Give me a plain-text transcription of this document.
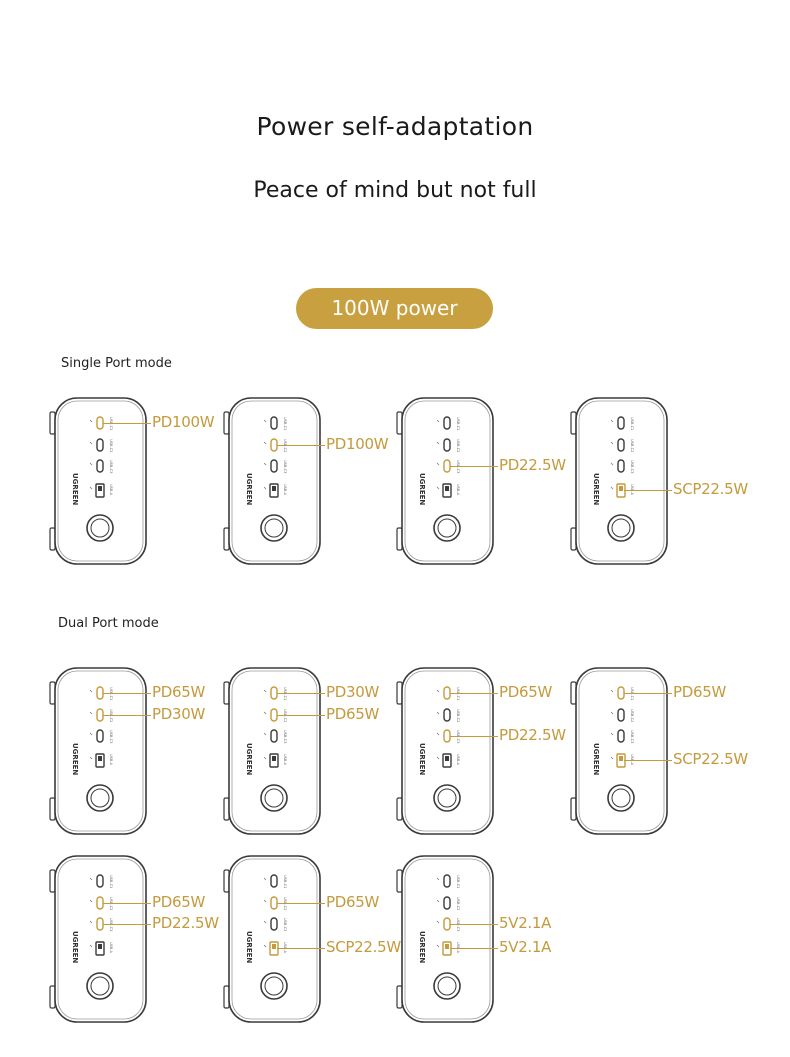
Power self-adaptation
Peace of mind but not full
100W power
Single Port mode
Dual Port mode
UGREEN
USB-C2
USB-C3
USB-A
PD100W
UGREEN
USB-C1
USB-C3
USB-A
PD100W
UGREEN
USB-C1
USB-C2
USB-A
PD22.5W
UGREEN
USB-C1
USB-C2
USB-C3
SCP22.5W
UGREEN
USB-C3
USB-A
PD65W
PD30W
UGREEN
USB-C3
USB-A
PD30W
PD65W
UGREEN
USB-C2
USB-A
PD65W
PD22.5W
UGREEN
USB-C2
USB-C3
PD65W
SCP22.5W
UGREEN
USB-C1
USB-A
PD65W
PD22.5W
UGREEN
USB-C1
USB-C3
PD65W
SCP22.5W UGREEN
USB-C1
USB-C2
5V2.1A
5V2.1A
